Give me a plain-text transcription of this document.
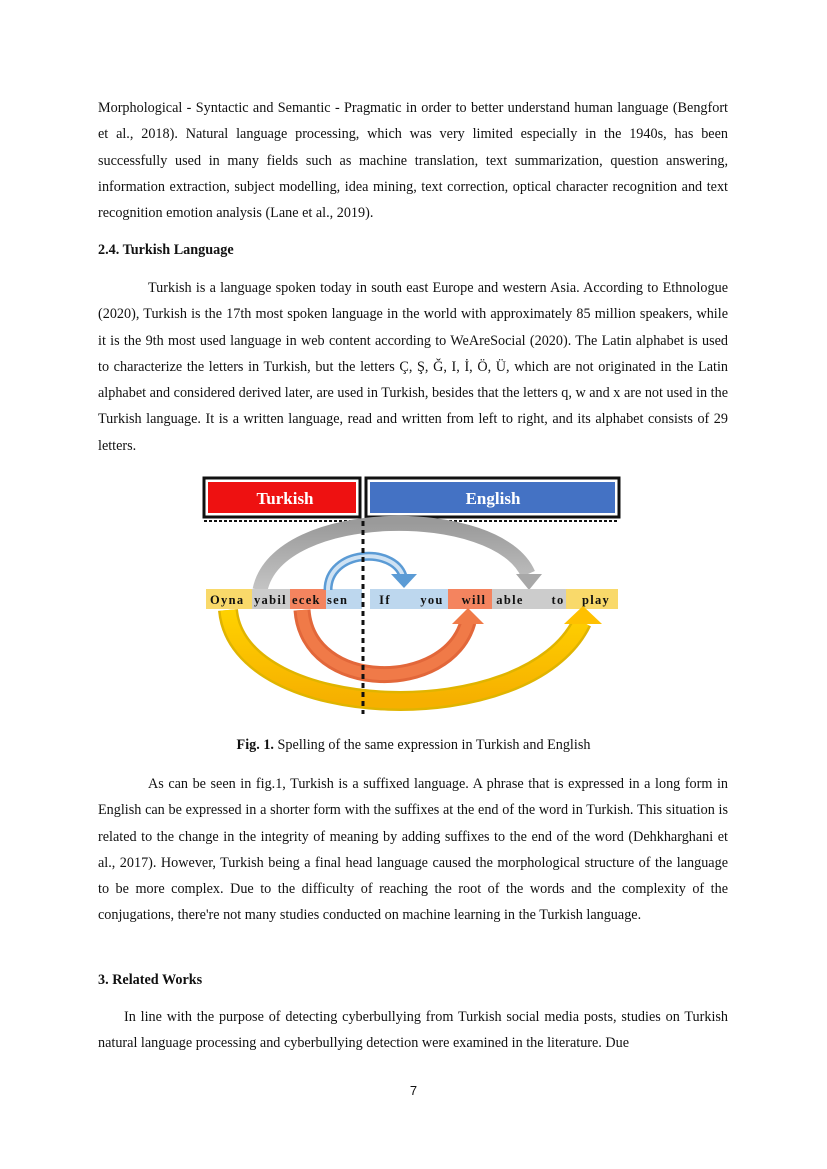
Morphological - Syntactic and Semantic - Pragmatic in order to better understand human language (Bengfort et al., 2018). Natural language processing, which was very limited especially in the 1940s, has been successfully used in many fields such as machine translation, text summarization, question answering, information extraction, subject modelling, idea mining, text correction, optical character recognition and text recognition emotion analysis (Lane et al., 2019).

2.4. Turkish Language

Turkish is a language spoken today in south east Europe and western Asia. According to Ethnologue (2020), Turkish is the 17th most spoken language in the world with approximately 85 million speakers, while it is the 9th most used language in web content according to WeAreSocial (2020). The Latin alphabet is used to characterize the letters in Turkish, but the letters Ç, Ş, Ğ, I, İ, Ö, Ü, which are not originated in the Latin alphabet and considered derived later, are used in Turkish, besides that the letters q, w and x are not used in the Turkish language. It is a written language, read and written from left to right, and its alphabet consists of 29 letters.

Turkish	English
Oyna yabil ecek sen If you will able to play
Fig. 1. Spelling of the same expression in Turkish and English

As can be seen in fig.1, Turkish is a suffixed language. A phrase that is expressed in a long form in English can be expressed in a shorter form with the suffixes at the end of the word in Turkish. This situation is related to the change in the integrity of meaning by adding suffixes to the end of the word (Dehkharghani et al., 2017). However, Turkish being a final head language caused the morphological structure of the language to be more complex. Due to the difficulty of reaching the root of the words and the complexity of the conjugations, there're not many studies conducted on machine learning in the Turkish language.

3. Related Works

In line with the purpose of detecting cyberbullying from Turkish social media posts, studies on Turkish natural language processing and cyberbullying detection were examined in the literature. Due

7
